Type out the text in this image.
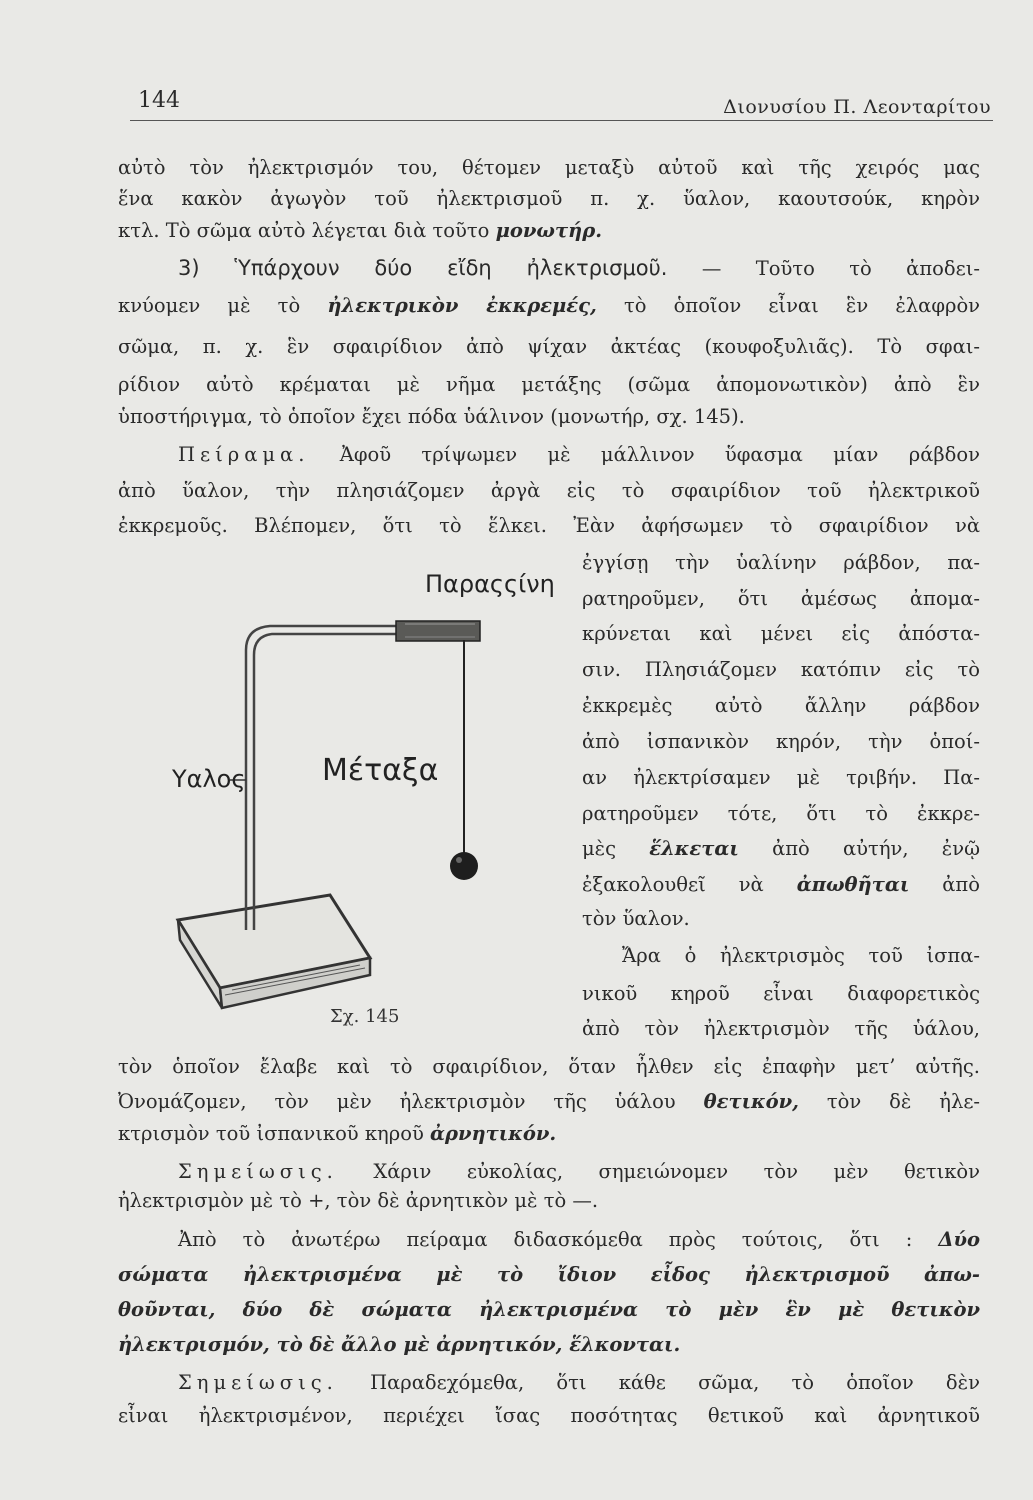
144	Διονυσίου Π. Λεονταρίτου
αὐτὸ τὸν ἠλεκτρισμόν του, θέτομεν μεταξὺ αὐτοῦ καὶ τῆς χειρός μας
ἕνα κακὸν ἀγωγὸν τοῦ ἠλεκτρισμοῦ π. χ. ὕαλον, καουτσούκ, κηρὸν
κτλ. Τὸ σῶμα αὐτὸ λέγεται διὰ τοῦτο μονωτήρ.
3) Ὑπάρχουν δύο εἴδη ἠλεκτρισμοῦ. — Τοῦτο τὸ ἀποδει-
κνύομεν μὲ τὸ ἠλεκτρικὸν ἐκκρεμές, τὸ ὁποῖον εἶναι ἓν ἐλαφρὸν
σῶμα, π. χ. ἓν σφαιρίδιον ἀπὸ ψίχαν ἀκτέας (κουφοξυλιᾶς). Τὸ σφαι-
ρίδιον αὐτὸ κρέμαται μὲ νῆμα μετάξης (σῶμα ἀπομονωτικὸν) ἀπὸ ἓν
ὑποστήριγμα, τὸ ὁποῖον ἔχει πόδα ὑάλινον (μονωτήρ, σχ. 145).
Πείραμα. Ἀφοῦ τρίψωμεν μὲ μάλλινον ὕφασμα μίαν ράβδον
ἀπὸ ὕαλον, τὴν πλησιάζομεν ἀργὰ εἰς τὸ σφαιρίδιον τοῦ ἠλεκτρικοῦ
ἐκκρεμοῦς. Βλέπομεν, ὅτι τὸ ἕλκει. Ἐὰν ἀφήσωμεν τὸ σφαιρίδιον νὰ
ἐγγίσῃ τὴν ὑαλίνην ράβδον, πα-
ρατηροῦμεν, ὅτι ἀμέσως ἀπομα-
κρύνεται καὶ μένει εἰς ἀπόστα-
σιν. Πλησιάζομεν κατόπιν εἰς τὸ
ἐκκρεμὲς αὐτὸ ἄλλην ράβδον
ἀπὸ ἰσπανικὸν κηρόν, τὴν ὁποί-
αν ἠλεκτρίσαμεν μὲ τριβήν. Πα-
ρατηροῦμεν τότε, ὅτι τὸ ἐκκρε-
μὲς ἕλκεται ἀπὸ αὐτήν, ἐνῷ
ἐξακολουθεῖ νὰ ἀπωθῆται ἀπὸ
τὸν ὕαλον.
Ἄρα ὁ ἠλεκτρισμὸς τοῦ ἰσπα-
νικοῦ κηροῦ εἶναι διαφορετικὸς
ἀπὸ τὸν ἠλεκτρισμὸν τῆς ὑάλου,
τὸν ὁποῖον ἔλαβε καὶ τὸ σφαιρίδιον, ὅταν ἦλθεν εἰς ἐπαφὴν μετ’ αὐτῆς.
Ὀνομάζομεν, τὸν μὲν ἠλεκτρισμὸν τῆς ὑάλου θετικόν, τὸν δὲ ἠλε-
κτρισμὸν τοῦ ἰσπανικοῦ κηροῦ ἀρνητικόν.
Σημείωσις. Χάριν εὐκολίας, σημειώνομεν τὸν μὲν θετικὸν
ἠλεκτρισμὸν μὲ τὸ +, τὸν δὲ ἀρνητικὸν μὲ τὸ —.
Ἀπὸ τὸ ἀνωτέρω πείραμα διδασκόμεθα πρὸς τούτοις, ὅτι : Δύο
σώματα ἠλεκτρισμένα μὲ τὸ ἴδιον εἶδος ἠλεκτρισμοῦ ἀπω-
θοῦνται, δύο δὲ σώματα ἠλεκτρισμένα τὸ μὲν ἓν μὲ θετικὸν
ἠλεκτρισμόν, τὸ δὲ ἄλλο μὲ ἀρνητικόν, ἕλκονται.
Σημείωσις. Παραδεχόμεθα, ὅτι κάθε σῶμα, τὸ ὁποῖον δὲν
εἶναι ἠλεκτρισμένον, περιέχει ἴσας ποσότητας θετικοῦ καὶ ἀρνητικοῦ
Παραςςίνη
Μέταξα
Υαλος
Σχ. 145
